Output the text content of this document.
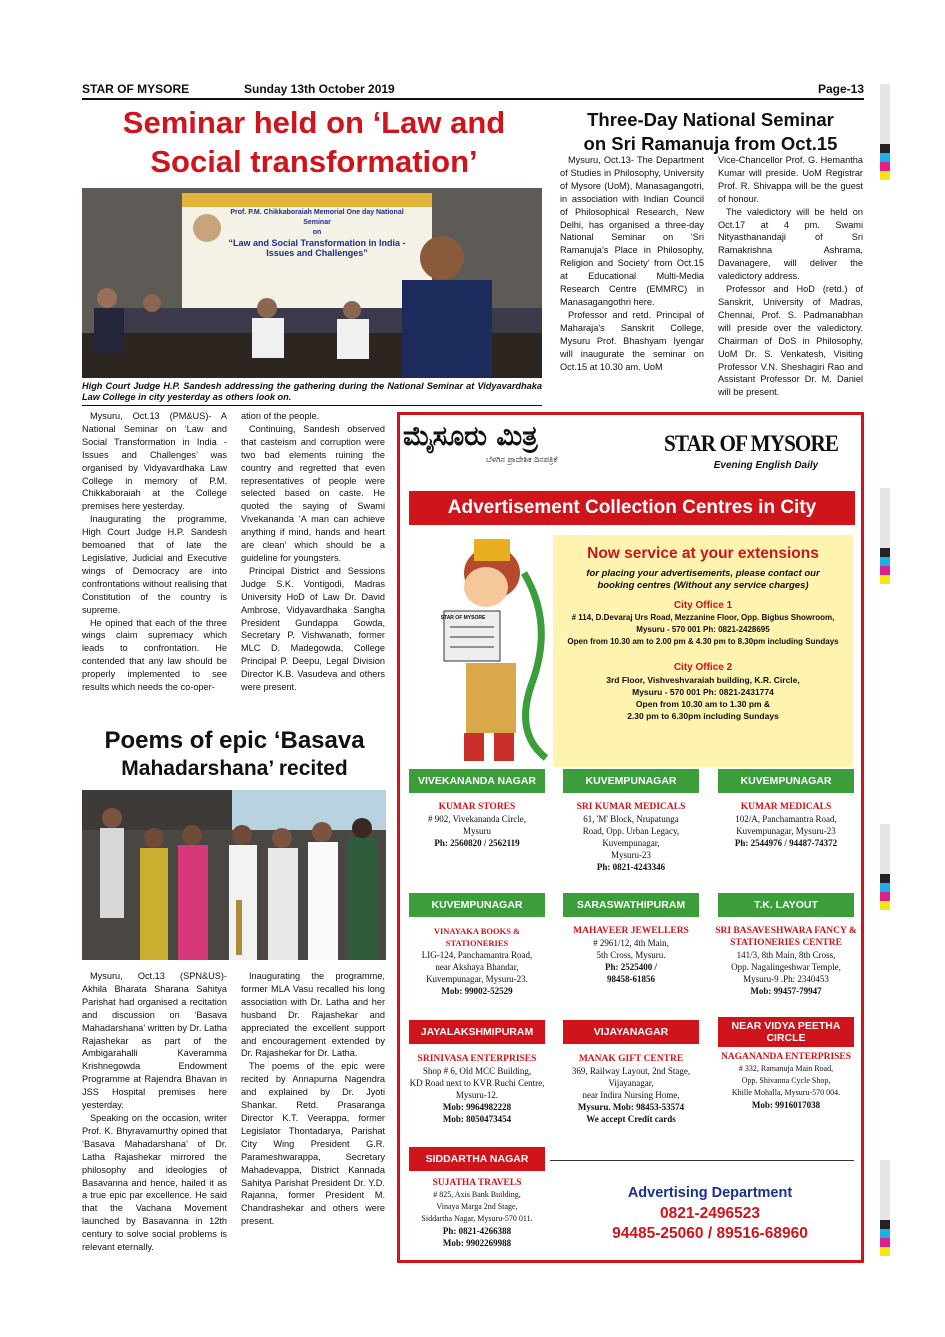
STAR OF MYSORE	Sunday 13th October 2019	Page-13
Seminar held on ‘Law and
Social transformation’
Prof. P.M. Chikkaboraiah Memorial One day National Seminar
on
“Law and Social Transformation in India -
Issues and Challenges”
High Court Judge H.P. Sandesh addressing the gathering during the National Seminar at Vidyavardhaka Law College in city yesterday as others look on.

Mysuru, Oct.13 (PM&US)- A National Seminar on ‘Law and Social Transformation in India - Issues and Challenges’ was organised by Vidyavardhaka Law College in memory of P.M. Chikkaboraiah at the College premises here yesterday.

Inaugurating the programme, High Court Judge H.P. Sandesh bemoaned that of late the Legislative, Judicial and Executive wings of Democracy are into confrontations without realising that Constitution of the country is supreme.

He opined that each of the three wings claim supremacy which leads to confrontation. He contended that any law should be properly implemented to see results which needs the co-oper-

ation of the people.

Continuing, Sandesh observed that casteism and corruption were two bad elements ruining the country and regretted that even representatives of people were selected based on caste. He quoted the saying of Swami Vivekananda ‘A man can achieve anything if mind, hands and heart are clean’ which should be a guideline for youngsters.

Principal District and Sessions Judge S.K. Vontigodi, Madras University HoD of Law Dr. David Ambrose, Vidyavardhaka Sangha President Gundappa Gowda, Secretary P. Vishwanath, former MLC D. Madegowda, College Principal P. Deepu, Legal Division Director K.B. Vasudeva and others were present.

Three-Day National Seminar
on Sri Ramanuja from Oct.15

Mysuru, Oct.13- The Department of Studies in Philosophy, University of Mysore (UoM), Manasagangotri, in association with Indian Council of Philosophical Research, New Delhi, has organised a three-day National Seminar on ‘Sri Ramanuja’s Place in Philosophy, Religion and Society’ from Oct.15 at Educational Multi-Media Research Centre (EMMRC) in Manasagangothri here.

Professor and retd. Principal of Maharaja’s Sanskrit College, Mysuru Prof. Bhashyam Iyengar will inaugurate the seminar on Oct.15 at 10.30 am. UoM

Vice-Chancellor Prof. G. Hemantha Kumar will preside. UoM Registrar Prof. R. Shivappa will be the guest of honour.

The valedictory will be held on Oct.17 at 4 pm. Swami Nityasthanandaji of Sri Ramakrishna Ashrama, Davanagere, will deliver the valedictory address.

Professor and HoD (retd.) of Sanskrit, University of Madras, Chennai, Prof. S. Padmanabhan will preside over the valedictory. Chairman of DoS in Philosophy, UoM Dr. S. Venkatesh, Visiting Professor V.N. Sheshagiri Rao and Assistant Professor Dr. M. Daniel will be present.

Poems of epic ‘Basava
Mahadarshana’ recited

Mysuru, Oct.13 (SPN&US)- Akhila Bharata Sharana Sahitya Parishat had organised a recitation and discussion on ‘Basava Mahadarshana’ written by Dr. Latha Rajashekar as part of the Ambigarahalli Kaveramma Krishnegowda Endowment Programme at Rajendra Bhavan in JSS Hospital premises here yesterday.

Speaking on the occasion, writer Prof. K. Bhyravamurthy opined that ‘Basava Mahadarshana’ of Dr. Latha Rajashekar mirrored the philosophy and ideologies of Basavanna and hence, hailed it as a true epic par excellence. He said that the Vachana Movement launched by Basavanna in 12th century to solve social problems is relevant eternally.

Inaugurating the programme, former MLA Vasu recalled his long association with Dr. Latha and her husband Dr. Rajashekar and appreciated the excellent support and encouragement extended by Dr. Rajashekar for Dr. Latha.

The poems of the epic were recited by Annapurna Nagendra and explained by Dr. Jyoti Shankar. Retd. Prasaranga Director K.T. Veerappa, former Legislator Thontadarya, Parishat City Wing President G.R. Parameshwarappa, Secretary Mahadevappa, District Kannada Sahitya Parishat President Dr. Y.D. Rajanna, former President M. Chandrashekar and others were present.

ಮೈಸೂರು ಮಿತ್ರ
ಬೆಳಗಿನ ಪ್ರಾದೇಶಿಕ ದಿನಪತ್ರಿಕೆ
STAR OF MYSORE
Evening English Daily
Advertisement Collection Centres in City
STAR OF MYSORE
Now service at your extensions
for placing your advertisements, please contact our booking centres (Without any service charges)
City Office 1
# 114, D.Devaraj Urs Road, Mezzanine Floor, Opp. Bigbus Showroom,
Mysuru - 570 001 Ph: 0821-2428695
Open from 10.30 am to 2.00 pm & 4.30 pm to 8.30pm including Sundays
City Office 2
3rd Floor, Vishveshvaraiah building, K.R. Circle,
Mysuru - 570 001 Ph: 0821-2431774
Open from 10.30 am to 1.30 pm &
2.30 pm to 6.30pm including Sundays
VIVEKANANDA NAGAR	KUVEMPUNAGAR	KUVEMPUNAGAR
KUMAR STORES
# 902, Vivekananda Circle,
Mysuru
Ph: 2560820 / 2562119
SRI KUMAR MEDICALS
61, 'M' Block, Nrupatunga
Road, Opp. Urban Legacy,
Kuvempunagar,
Mysuru-23
Ph: 0821-4243346
KUMAR MEDICALS
102/A, Panchamantra Road,
Kuvempunagar, Mysuru-23
Ph: 2544976 / 94487-74372
KUVEMPUNAGAR	SARASWATHIPURAM	T.K. LAYOUT
VINAYAKA BOOKS & STATIONERIES
LIG-124, Panchamantra Road,
near Akshaya Bhandar,
Kuvempunagar, Mysuru-23.
Mob: 99002-52529
MAHAVEER JEWELLERS
# 2961/12, 4th Main,
5th Cross, Mysuru.
Ph: 2525400 /
98458-61856
SRI BASAVESHWARA FANCY & STATIONERIES CENTRE
141/3, 8th Main, 8th Cross,
Opp. Nagalingeshwar Temple,
Mysuru-9 .Ph: 2340453
Mob: 99457-79947
JAYALAKSHMIPURAM	VIJAYANAGAR	NEAR VIDYA PEETHA CIRCLE
SRINIVASA ENTERPRISES
Shop # 6, Old MCC Building,
KD Road next to KVR Ruchi Centre,
Mysuru-12.
Mob: 9964982228
Mob: 8050473454
MANAK GIFT CENTRE
369, Railway Layout, 2nd Stage,
Vijayanagar,
near Indira Nursing Home,
Mysuru. Mob: 98453-53574
We accept Credit cards
NAGANANDA ENTERPRISES
# 332, Ramanuja Main Road,
Opp. Shivanna Cycle Shop,
Khille Mohalla, Mysuru-570 004.
Mob: 9916017038
SIDDARTHA NAGAR
SUJATHA TRAVELS
# 825, Axis Bank Building,
Vinaya Marga 2nd Stage,
Siddartha Nagar, Mysuru-570 011.
Ph: 0821-4266388
Mob: 9902269988
Advertising Department
0821-2496523
94485-25060 / 89516-68960
